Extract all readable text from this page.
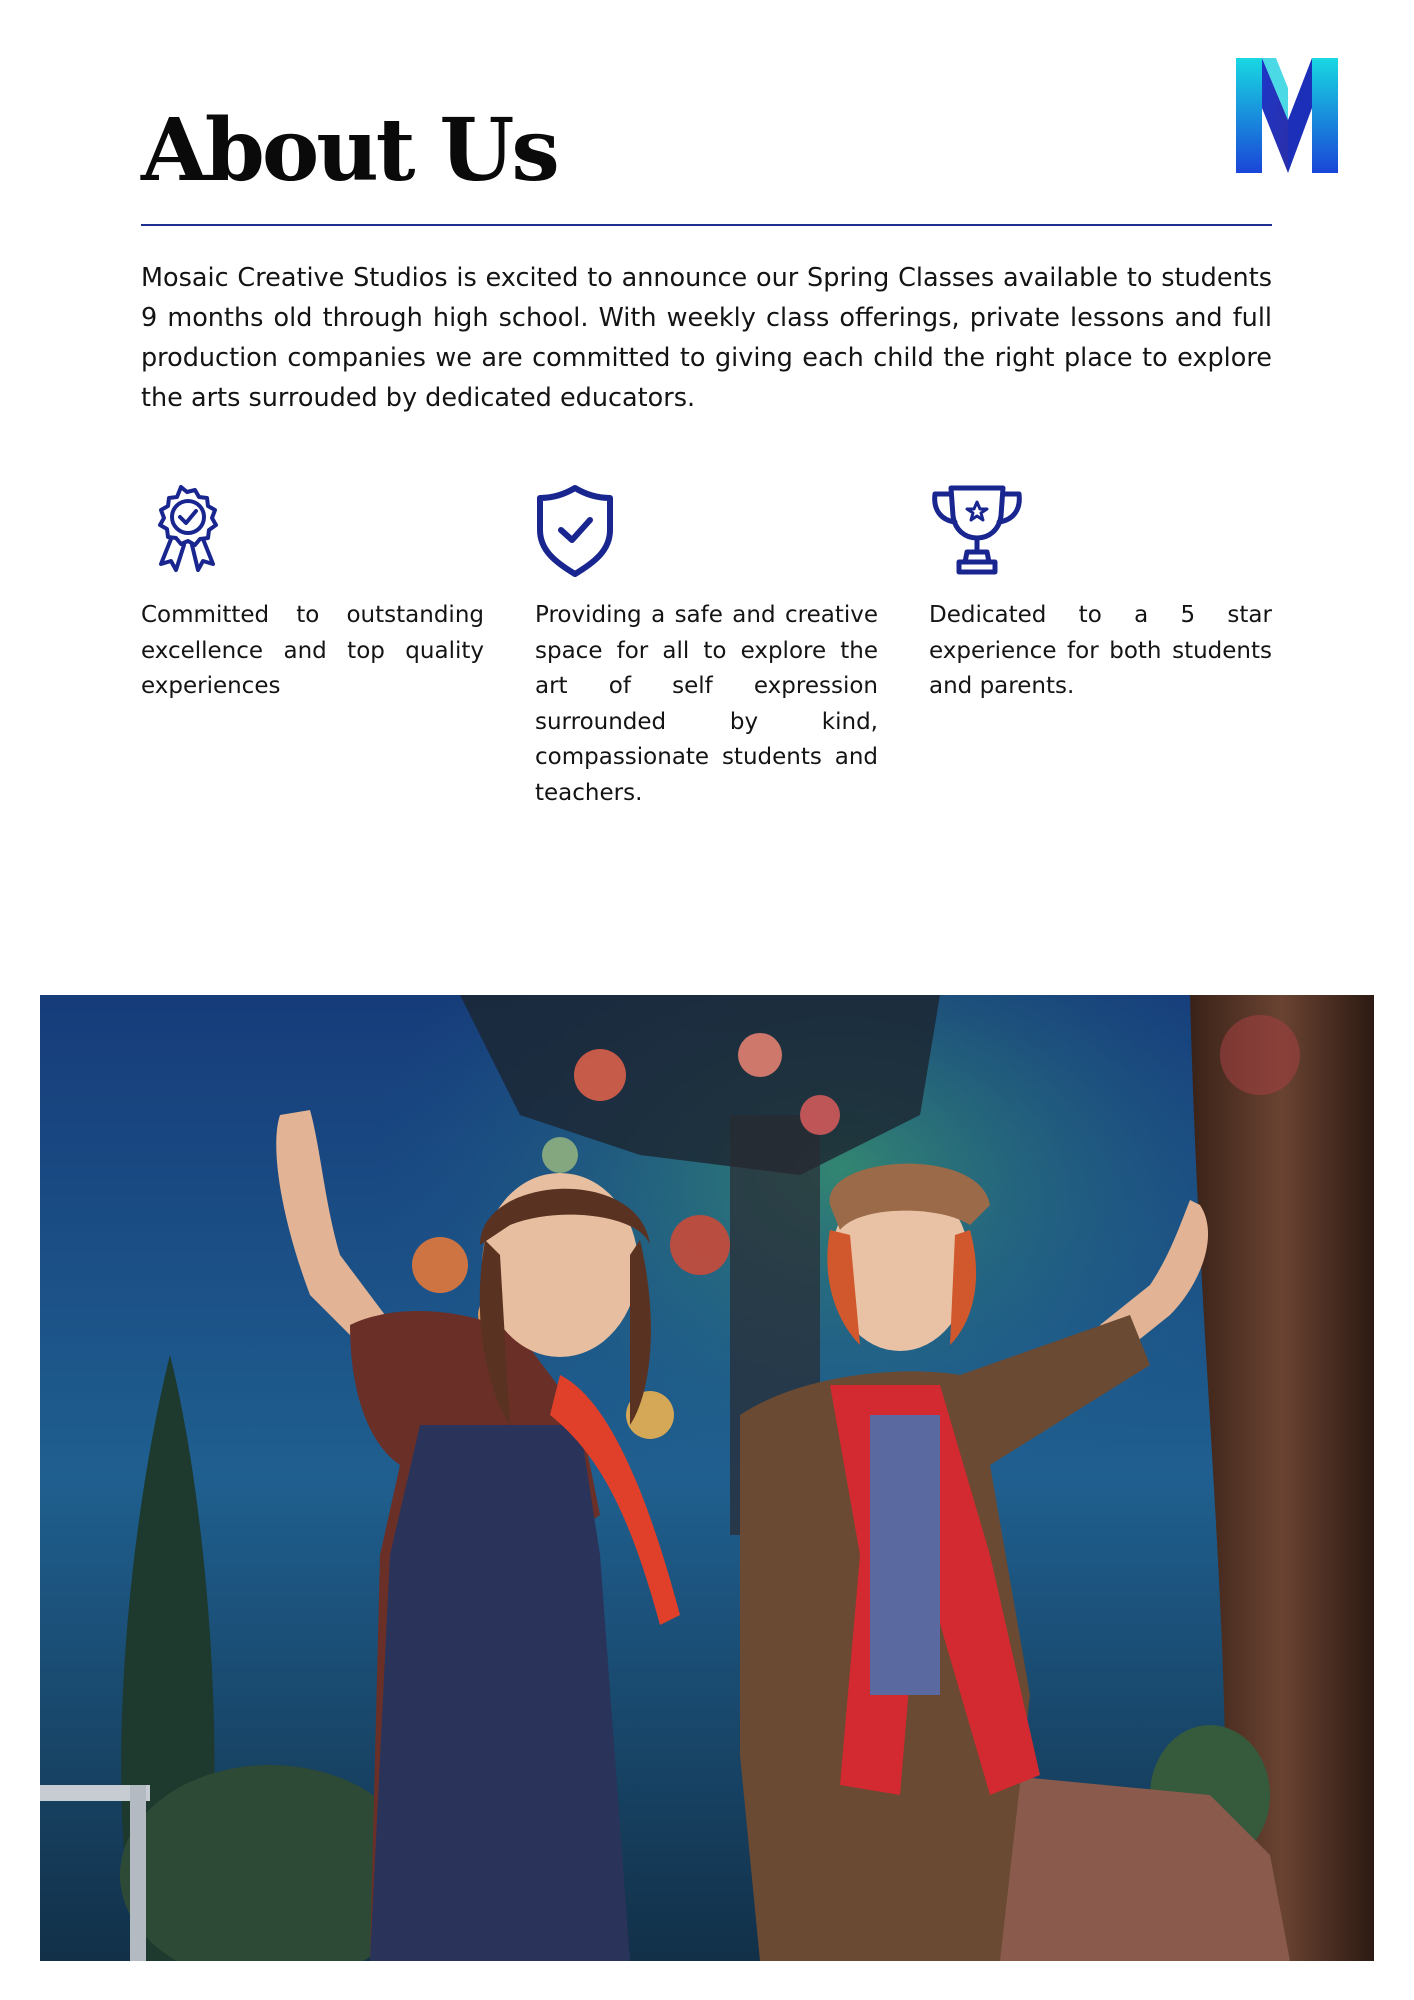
About Us

Mosaic Creative Studios is excited to announce our Spring Classes available to students 9 months old through high school. With weekly class offerings, private lessons and full production companies we are committed to giving each child the right place to explore the arts surrouded by dedicated educators.

Committed to outstanding excellence and top quality experiences

Providing a safe and creative space for all to explore the art of self expression surrounded by kind, compassionate students and teachers.

Dedicated to a 5 star experience for both students and parents.
